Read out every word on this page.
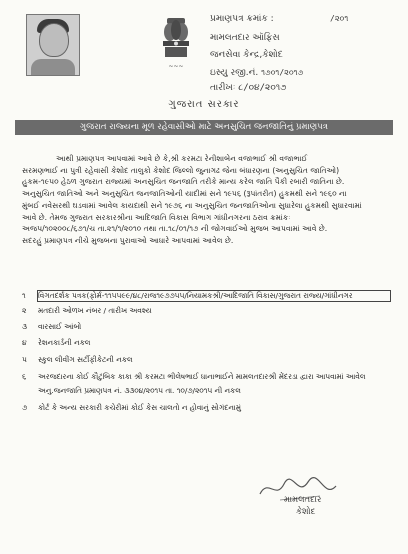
~~~
પ્રમાણપત્ર ક્રમાંક :	/૨૦૧
મામલતદાર ઑફિસ
જનસેવા કેન્દ્ર,કેશોદ
ઇસ્યુ રજી.નં. ૧૭૦૧/૨૦૧૭
તારીખઃ ૮/૦૪/૨૦૧૭
ગુજરાત સરકાર
ગુજરાત રાજ્યના મૂળ રહેવાસીઓ માટે અનસુચિત જનજાતિનું પ્રમાણપત્ર
આથી પ્રમાણપત્ર આપવામાં આવે છે કે,શ્રી કરમટા રેનીશાબેન વજાભાઈ શ્રી વજાભાઈ
સરમણભાઈ ના પુત્રી રહેવાસી કેશોદ તાલુકો કેશોદ જિલ્લો જુનાગઢ જેના બંધારણના (અનુસુચિત જાતિઓ)
હુકમ-૧૯૫૦ હેઠળ ગુજરાત રાજ્યમાં અનસુચિત જનજાતિ તરીકે માન્ય કરેલ જાતિ પૈકી રબારી જાતિના છે.
અનુસુચિત જાતિઓ અને અનુસુચિત જનજાતિઓની યાદીમાં સને ૧૯૫૬ (રૂપાંતરીત) હુકમથી સને ૧૯૬૦ ના
મુંબઈ નવેસરથી ઘડવામાં આવેલ કાયદાથી સને ૧૯૭૬ ના અનુસુચિત જનજાતિઓના સુધારેલા હુકમથી સુધારવામાં
આવે છે. તેમજ ગુજરાત સરકારશ્રીના આદિજાતિ વિકાસ વિભાગ ગાંધીનગરના ઠરાવ ક્રમાંકઃ
અજપ/૧૦૨૦૦૮/૬૭૧/ચ તા.૨૧/૧/૨૦૧૦ તથા તા.૧૮/૦૧/૧૭ ની જોગવાઈઓ મુજબ આપવામાં આવે છે.
સદરહું પ્રમાણપત્ર નીચે મુજબના પુરાવાઓ આધારે આપવામાં આવેલ છે.
૧	વિગતદર્શક પત્રક(ફોર્મ-૧૧૫૫૯૯/૪૮/રાજ૧૯૭૭૫૫/નિયામકશ્રી/આદિજાતિ વિકાસ/ગુજરાત રાજ્ય/ગાંધીનગર
૨	મતદારી ઓળખ નંબર / તારીખ અવશ્ય
૩	વારસાઈ આંબો
૪	રેશનકાર્ડની નકલ
૫	સ્કુલ લીવીંગ સર્ટીફીકેટની નકલ
૬	અરજદારના કોઈ કૌટુંબિક કાકા શ્રી કરમટા ભીલેષભાઈ ધાનાભાઈને મામલતદારશ્રી મેંદરડા દ્વારા આપવામાં આવેલ
અનુ.જનજાતિ પ્રમાણપત્ર નં. ૩૩૦૪/૨૦૧૫ તા. ૧૦/૭/૨૦૧૫ ની નકલ
૭	કોર્ટ કે અન્ય સરકારી કચેરીમાં કોઈ કેસ ચાલતો ન હોવાનું સોગંદનામું
મામલતદાર
કેશોદ
